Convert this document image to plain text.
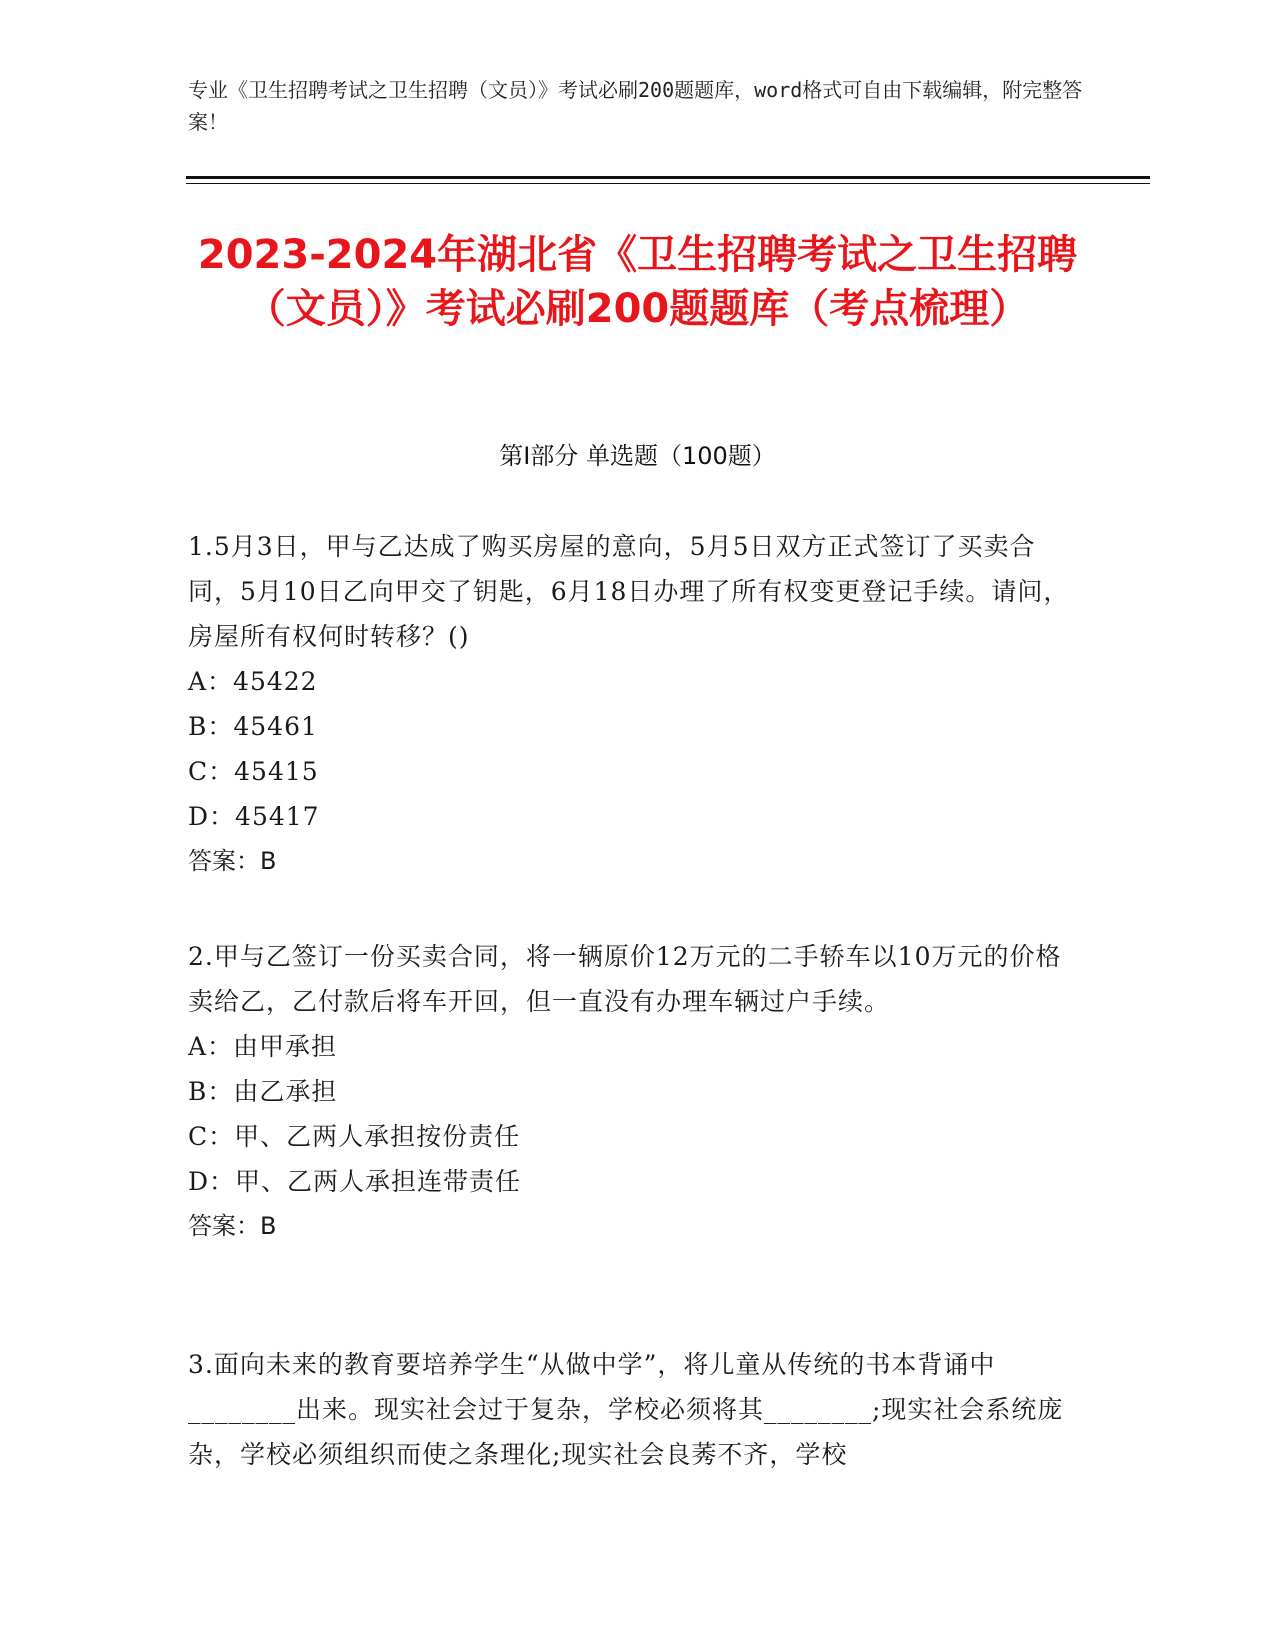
专业《卫生招聘考试之卫生招聘（文员）》考试必刷200题题库，word格式可自由下载编辑，附完整答案！
2023-2024年湖北省《卫生招聘考试之卫生招聘（文员）》考试必刷200题题库（考点梳理）
第Ⅰ部分 单选题（100题）
1.5月3日，甲与乙达成了购买房屋的意向，5月5日双方正式签订了买卖合同，5月10日乙向甲交了钥匙，6月18日办理了所有权变更登记手续。请问，房屋所有权何时转移？()
A：45422
B：45461
C：45415
D：45417
答案：B
2.甲与乙签订一份买卖合同，将一辆原价12万元的二手轿车以10万元的价格卖给乙，乙付款后将车开回，但一直没有办理车辆过户手续。
A：由甲承担
B：由乙承担
C：甲、乙两人承担按份责任
D：甲、乙两人承担连带责任
答案：B
3.面向未来的教育要培养学生“从做中学”，将儿童从传统的书本背诵中________出来。现实社会过于复杂，学校必须将其________;现实社会系统庞杂，学校必须组织而使之条理化;现实社会良莠不齐，学校
